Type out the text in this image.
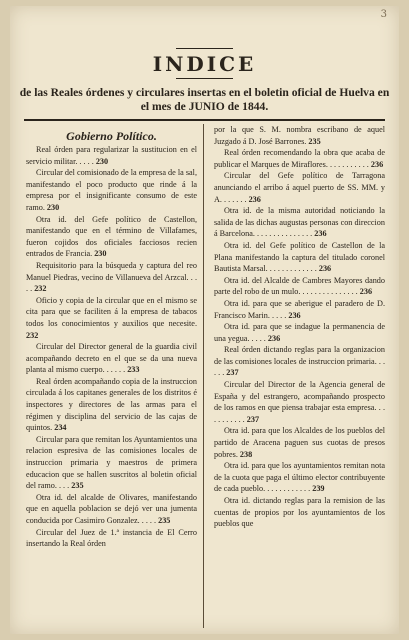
3
INDICE
de las Reales órdenes y circulares insertas en el boletin oficial de Huelva en el mes de JUNIO de 1844.
Gobierno Político.

Real órden para regularizar la sustitucion en el servicio militar. . . . . 230

Circular del comisionado de la empresa de la sal, manifestando el poco producto que rinde á la empresa por el insignificante consumo de este ramo. 230

Otra id. del Gefe político de Castellon, manifestando que en el término de Villafames, fueron cojidos dos oficiales facciosos recien entrados de Francia. 230

Requisitorio para la búsqueda y captura del reo Manuel Piedras, vecino de Villanueva del Arzcal. . . . . 232

Oficio y copia de la circular que en el mismo se cita para que se faciliten á la empresa de tabacos todos los conocimientos y auxilios que necesite. 232

Circular del Director general de la guardia civil acompañando decreto en el que se da una nueva planta al mismo cuerpo. . . . . . 233

Real órden acompañando copia de la instruccion circulada á los capitanes generales de los distritos é inspectores y directores de las armas para el régimen y disciplina del servicio de las cajas de quintos. 234

Circular para que remitan los Ayuntamientos una relacion espresiva de las comisiones locales de instruccion primaria y maestros de primera educacion que se hallen suscritos al boletin oficial del ramo. . . . 235

Otra id. del alcalde de Olivares, manifestando que en aquella poblacion se dejó ver una jumenta conducida por Casimiro Gonzalez. . . . . 235

Circular del Juez de 1.ª instancia de El Cerro insertando la Real órden

por la que S. M. nombra escribano de aquel Juzgado á D. José Barrones. 235

Real órden recomendando la obra que acaba de publicar el Marques de Miraflores. . . . . . . . . . . 236

Circular del Gefe político de Tarragona anunciando el arribo á aquel puerto de SS. MM. y A. . . . . . . 236

Otra id. de la misma autoridad noticiando la salida de las dichas augustas personas con direccion á Barcelona. . . . . . . . . . . . . . . 236

Otra id. del Gefe político de Castellon de la Plana manifestando la captura del titulado coronel Bautista Marsal. . . . . . . . . . . . . 236

Otra id. del Alcalde de Cambres Mayores dando parte del robo de un mulo. . . . . . . . . . . . . . . 236

Otra id. para que se aberigue el paradero de D. Francisco Marin. . . . . 236

Otra id. para que se indague la permanencia de una yegua. . . . . 236

Real órden dictando reglas para la organizacion de las comisiones locales de instruccion primaria. . . . . . 237

Circular del Director de la Agencia general de España y del estrangero, acompañando prospecto de los ramos en que piensa trabajar esta empresa. . . . . . . . . . . 237

Otra id. para que los Alcaldes de los pueblos del partido de Aracena paguen sus cuotas de presos pobres. 238

Otra id. para que los ayuntamientos remitan nota de la cuota que paga el último elector contribuyente de cada pueblo. . . . . . . . . . . . 239

Otra id. dictando reglas para la remision de las cuentas de propios por los ayuntamientos de los pueblos que
